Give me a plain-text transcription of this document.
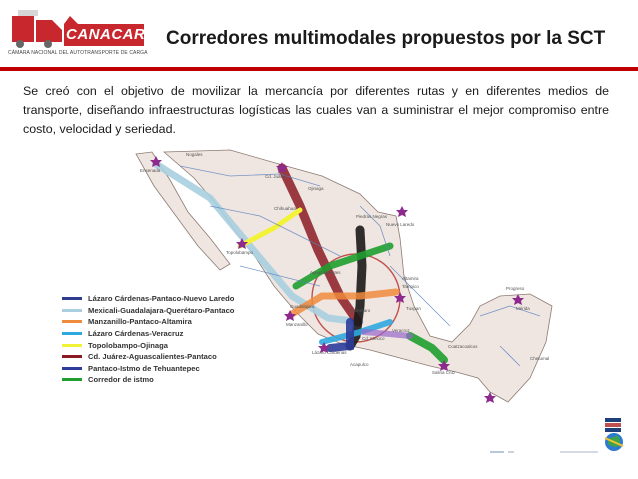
CANACAR
CÁMARA NACIONAL DEL AUTOTRANSPORTE DE CARGA
Corredores multimodales propuestos por la SCT
Se creó con el objetivo de movilizar la mercancía por diferentes rutas y en diferentes medios de transporte, diseñando infraestructuras logísticas las cuales van a suministrar el mejor compromiso entre costo, velocidad y seriedad.
Ensenada
Nogales
Cd. Juárez
Chihuahua
Ojinaga
Piedras Negras
Nuevo Laredo
Topolobampo
Altamira
Tampico
Tuxpan
Manzanillo
Lázaro Cárdenas
Acapulco
Veracruz
Salina Cruz
Progreso
Chetumal
Aguascalientes
Querétaro
Guadalajara
Cd. México
Mérida
Coatzacoalcos
Lázaro Cárdenas-Pantaco-Nuevo Laredo
Mexicali-Guadalajara-Querétaro-Pantaco
Manzanillo-Pantaco-Altamira
Lázaro Cárdenas-Veracruz
Topolobampo-Ojinaga
Cd. Juárez-Aguascalientes-Pantaco
Pantaco-Istmo de Tehuantepec
Corredor de istmo
